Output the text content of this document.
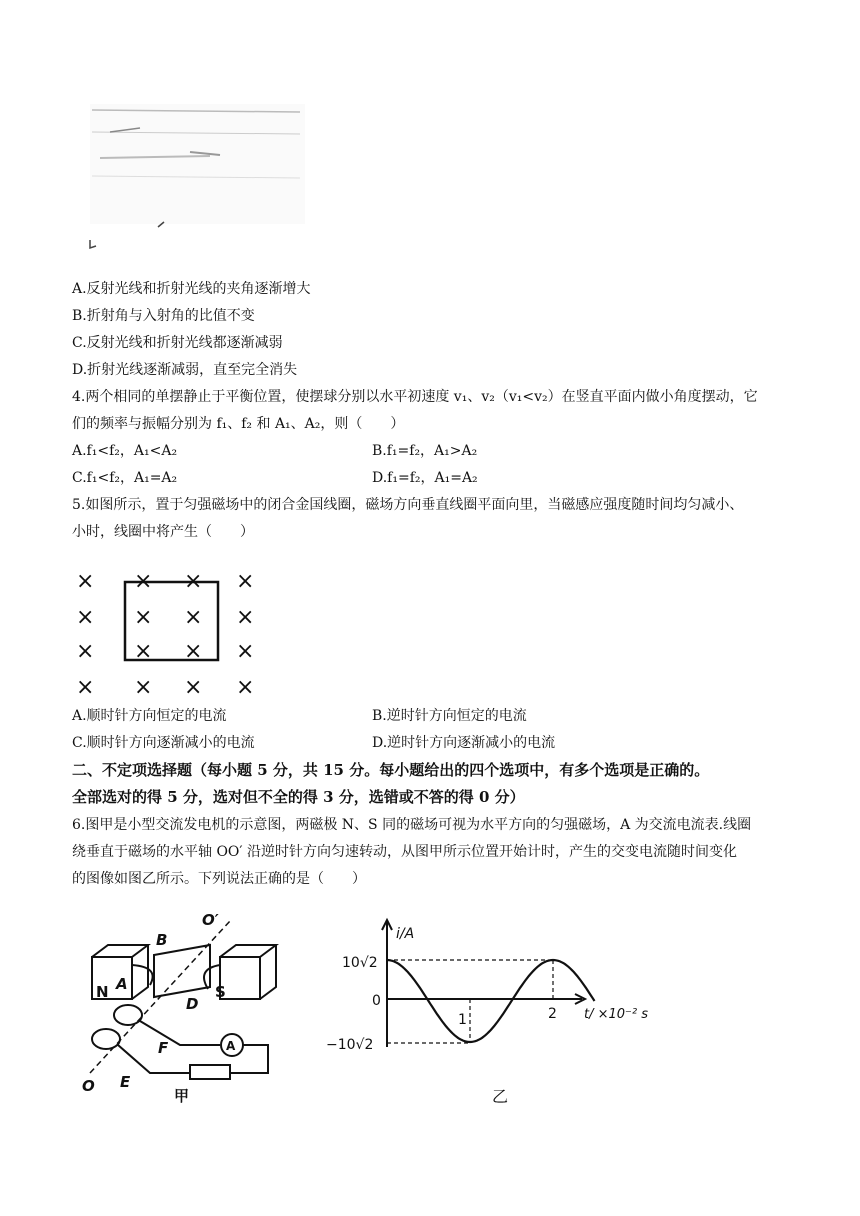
A.反射光线和折射光线的夹角逐渐增大
B.折射角与入射角的比值不变
C.反射光线和折射光线都逐渐减弱
D.折射光线逐渐减弱，直至完全消失
4.两个相同的单摆静止于平衡位置，使摆球分别以水平初速度 v₁、v₂（v₁<v₂）在竖直平面内做小角度摆动，它
们的频率与振幅分别为 f₁、f₂ 和 A₁、A₂，则（　　）
A.f₁<f₂，A₁<A₂	B.f₁=f₂，A₁>A₂
C.f₁<f₂，A₁=A₂	D.f₁=f₂，A₁=A₂
5.如图所示，置于匀强磁场中的闭合金国线圈，磁场方向垂直线圈平面向里，当磁感应强度随时间均匀减小、
小时，线圈中将产生（　　）
× × × ×
× × × ×
× × × ×
× × × ×
A.顺时针方向恒定的电流	B.逆时针方向恒定的电流
C.顺时针方向逐渐减小的电流	D.逆时针方向逐渐减小的电流
二、不定项选择题（每小题 5 分，共 15 分。每小题给出的四个选项中，有多个选项是正确的。
全部选对的得 5 分，选对但不全的得 3 分，选错或不答的得 0 分）
6.图甲是小型交流发电机的示意图，两磁极 N、S 同的磁场可视为水平方向的匀强磁场，A 为交流电流表.线圈
绕垂直于磁场的水平轴 OO′ 沿逆时针方向匀速转动，从图甲所示位置开始计时，产生的交变电流随时间变化
的图像如图乙所示。下列说法正确的是（　　）
O′
B
N A
D
S
F	A
O E
甲
i/A
10√2
0
−10√2
1	2 t/ ×10⁻² s
乙
